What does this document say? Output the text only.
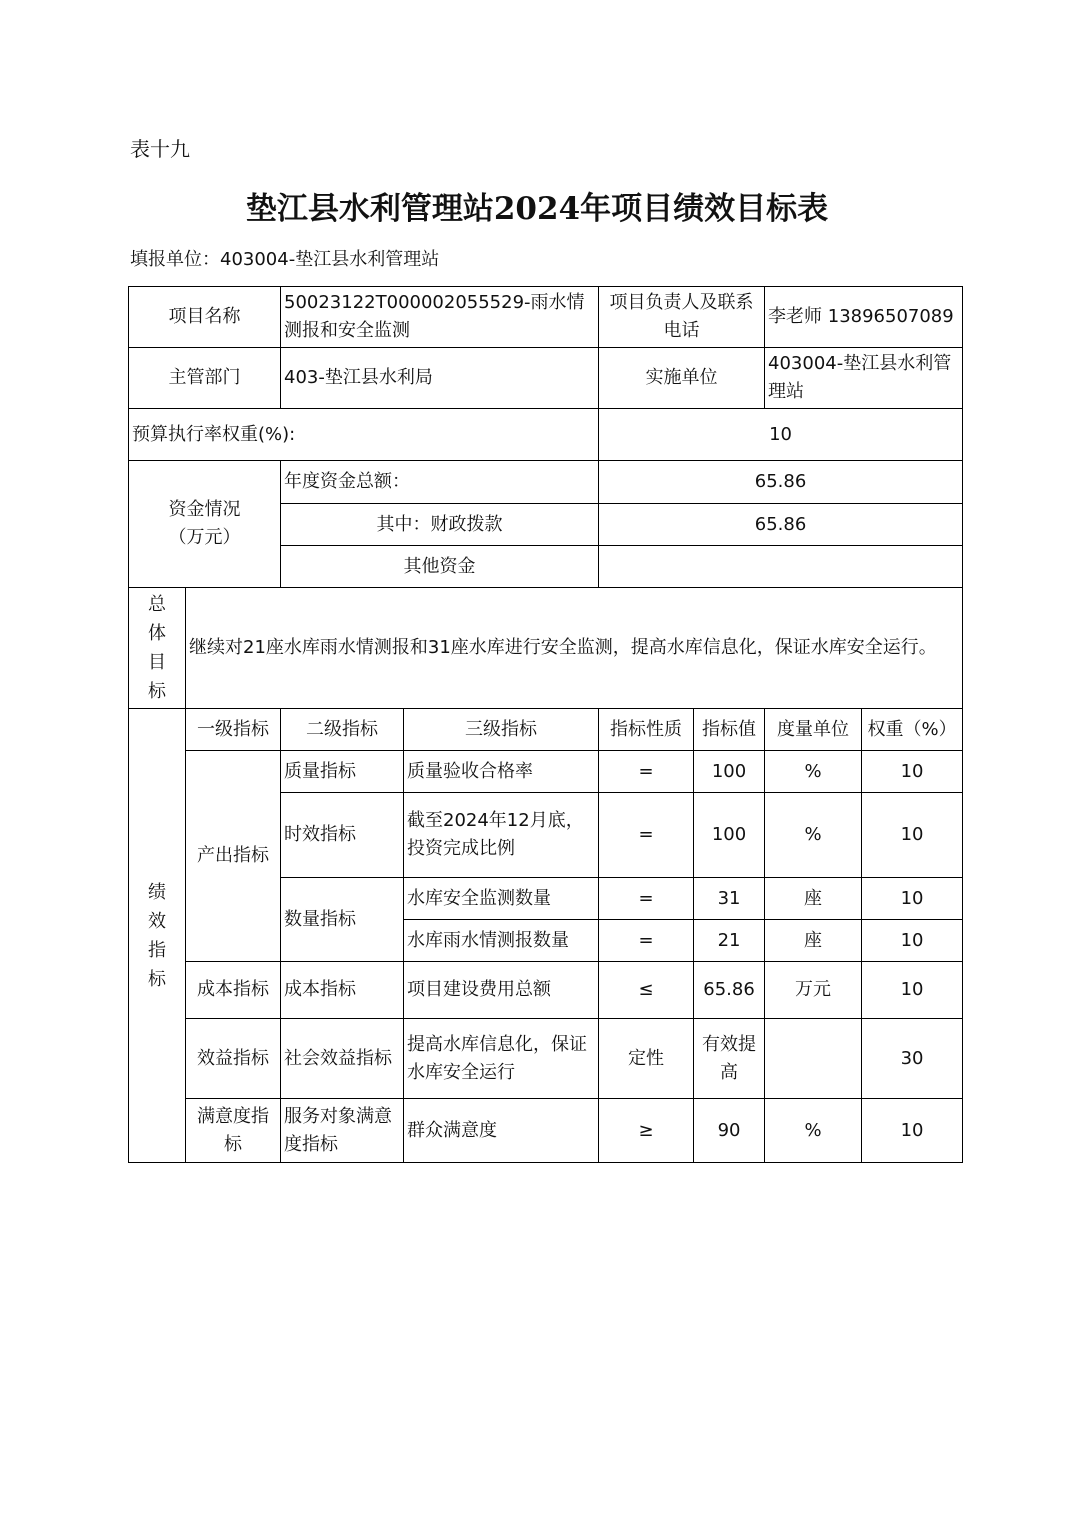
表十九
垫江县水利管理站2024年项目绩效目标表
填报单位：403004-垫江县水利管理站
项目名称		50023122T000002055529-雨水情测报和安全监测		项目负责人及联系电话		李老师 13896507089	
主管部门		403-垫江县水利局		实施单位		403004-垫江县水利管理站	
预算执行率权重(%):				10			

资金情况
（万元）		年度资金总额：		65.86			
		其中：财政拨款		65.86			
		其他资金					

总
体
目
标	继续对21座水库雨水情测报和31座水库进行安全监测，提高水库信息化，保证水库安全运行。						

绩
效
指
标	一级指标	二级指标	三级指标	指标性质	指标值	度量单位	权重（%）
	产出指标	质量指标	质量验收合格率	=	100	%	10
		时效指标	截至2024年12月底，投资完成比例	=	100	%	10
		数量指标	水库安全监测数量	=	31	座	10
			水库雨水情测报数量	=	21	座	10
	成本指标	成本指标	项目建设费用总额	≤	65.86	万元	10
	效益指标	社会效益指标	提高水库信息化，保证水库安全运行	定性	有效提高		30
	满意度指标	服务对象满意度指标	群众满意度	≥	90	%	10
